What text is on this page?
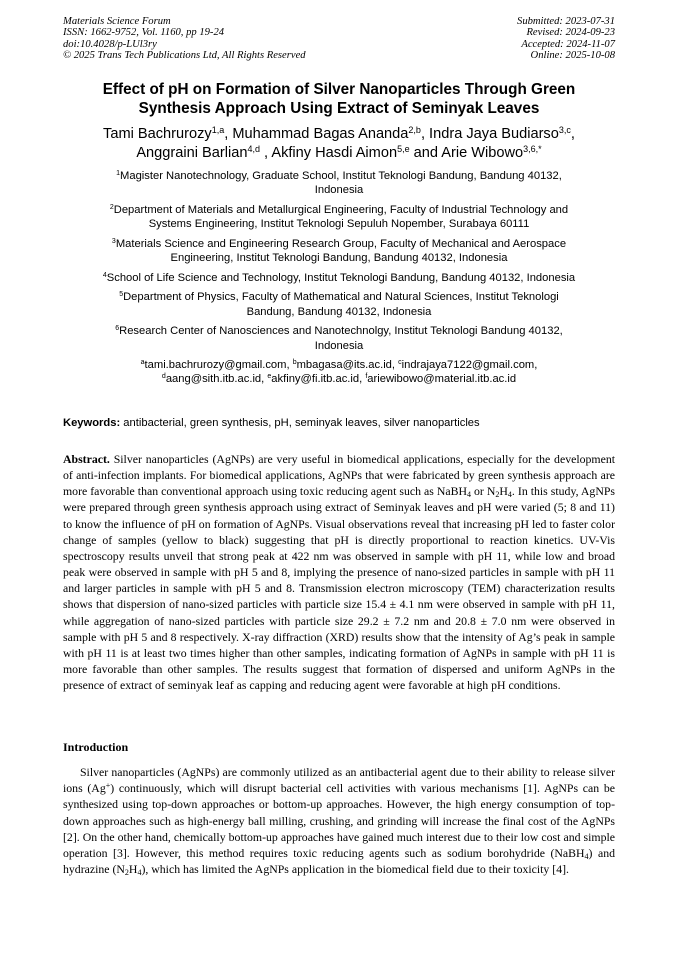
Materials Science Forum
ISSN: 1662-9752, Vol. 1160, pp 19-24
doi:10.4028/p-LUl3ry
© 2025 Trans Tech Publications Ltd, All Rights Reserved
Submitted: 2023-07-31
Revised: 2024-09-23
Accepted: 2024-11-07
Online: 2025-10-08
Effect of pH on Formation of Silver Nanoparticles Through Green
Synthesis Approach Using Extract of Seminyak Leaves
Tami Bachrurozy$^{1,a}$, Muhammad Bagas Ananda$^{2,b}$, Indra Jaya Budiarso$^{3,c}$,
Anggraini Barlian$^{4,d}$ , Akfiny Hasdi Aimon$^{5,e}$ and Arie Wibowo$^{3,6,*}$
$^1$Magister Nanotechnology, Graduate School, Institut Teknologi Bandung, Bandung 40132,
Indonesia
$^2$Department of Materials and Metallurgical Engineering, Faculty of Industrial Technology and
Systems Engineering, Institut Teknologi Sepuluh Nopember, Surabaya 60111
$^3$Materials Science and Engineering Research Group, Faculty of Mechanical and Aerospace
Engineering, Institut Teknologi Bandung, Bandung 40132, Indonesia
$^4$School of Life Science and Technology, Institut Teknologi Bandung, Bandung 40132, Indonesia
$^5$Department of Physics, Faculty of Mathematical and Natural Sciences, Institut Teknologi
Bandung, Bandung 40132, Indonesia
$^6$Research Center of Nanosciences and Nanotechnolgy, Institut Teknologi Bandung 40132,
Indonesia
$^a$tami.bachrurozy@gmail.com, $^b$mbagasa@its.ac.id, $^c$indrajaya7122@gmail.com,
$^d$aang@sith.itb.ac.id, $^e$akfiny@fi.itb.ac.id, $^f$ariewibowo@material.itb.ac.id
Keywords: antibacterial, green synthesis, pH, seminyak leaves, silver nanoparticles
Abstract. Silver nanoparticles (AgNPs) are very useful in biomedical applications, especially for the development of anti-infection implants. For biomedical applications, AgNPs that were fabricated by green synthesis approach are more favorable than conventional approach using toxic reducing agent such as NaBH$_4$ or $N_2H_4$. In this study, AgNPs were prepared through green synthesis approach using extract of Seminyak leaves and pH were varied (5; 8 and 11) to know the influence of pH on formation of AgNPs. Visual observations reveal that increasing pH led to faster color change of samples (yellow to black) suggesting that pH is directly proportional to reaction kinetics. UV-Vis spectroscopy results unveil that strong peak at 422 nm was observed in sample with pH 11, while low and broad peak were observed in sample with pH 5 and 8, implying the presence of nano-sized particles in sample with pH 11 and larger particles in sample with pH 5 and 8. Transmission electron microscopy (TEM) characterization results shows that dispersion of nano-sized particles with particle size 15.4 ± 4.1 nm were observed in sample with pH 11, while aggregation of nano-sized particles with particle size 29.2 ± 7.2 nm and 20.8 ± 7.0 nm were observed in sample with pH 5 and 8 respectively. X-ray diffraction (XRD) results show that the intensity of Ag’s peak in sample with pH 11 is at least two times higher than other samples, indicating formation of AgNPs in sample with pH 11 is more favorable than other samples. The results suggest that formation of dispersed and uniform AgNPs in the presence of extract of seminyak leaf as capping and reducing agent were favorable at high pH conditions.
Introduction
Silver nanoparticles (AgNPs) are commonly utilized as an antibacterial agent due to their ability to release silver ions (Ag+) continuously, which will disrupt bacterial cell activities with various mechanisms [1]. AgNPs can be synthesized using top-down approaches or bottom-up approaches. However, the high energy consumption of top-down approaches such as high-energy ball milling, crushing, and grinding will increase the final cost of the AgNPs [2]. On the other hand, chemically bottom-up approaches have gained much interest due to their low cost and simple operation [3]. However, this method requires toxic reducing agents such as sodium borohydride (NaBH$_4$) and hydrazine $(N_2H_4)$, which has limited the AgNPs application in the biomedical field due to their toxicity [4].
